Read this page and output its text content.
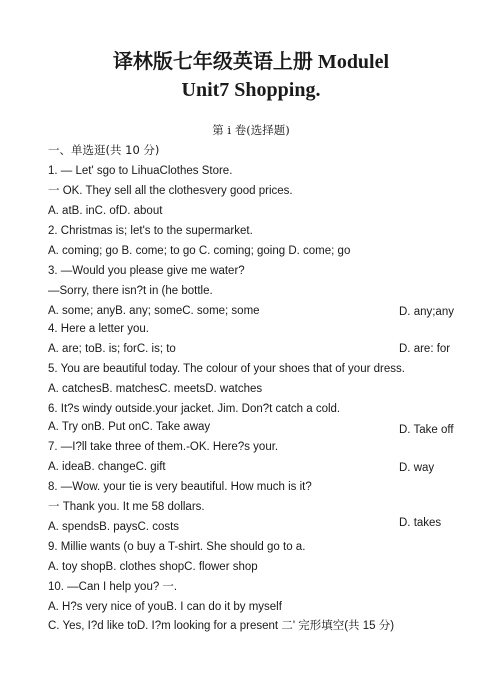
译林版七年级英语上册 Modulel
Unit7 Shopping.
第 i 卷(选择题)
一、单选逛(共 10 分)
1. — Let' sgo to LihuaClothes Store.
一 OK. They sell all the clothesvery good prices.
A. atB. inC. ofD. about
2. Christmas is; let's to the supermarket.
A. coming; go B. come; to go C. coming; going D. come; go
3. —Would you please give me water?
—Sorry, there isn?t in (he bottle.
A. some; anyB. any; someC. some; some
4. Here a letter you.
A. are; toB. is; forC. is; to
5. You are beautiful today. The colour of your shoes that of your dress.
A. catchesB. matchesC. meetsD. watches
6. It?s windy outside.your jacket. Jim. Don?t catch a cold.
A. Try onB. Put onC. Take away
7. —I?ll take three of them.-OK. Here?s your.
A. ideaB. changeC. gift
8. —Wow. your tie is very beautiful. How much is it?
一 Thank you. It me 58 dollars.
A. spendsB. paysC. costs
9. Millie wants (o buy a T-shirt. She should go to a.
A. toy shopB. clothes shopC. flower shop
10. —Can I help you? 一.
A. H?s very nice of youB. I can do it by myself
C. Yes, I?d like toD. I?m looking for a present 二' 完形填空(共 15 分)
D. any;any
D. are: for
D. Take off
D. way
D. takes
